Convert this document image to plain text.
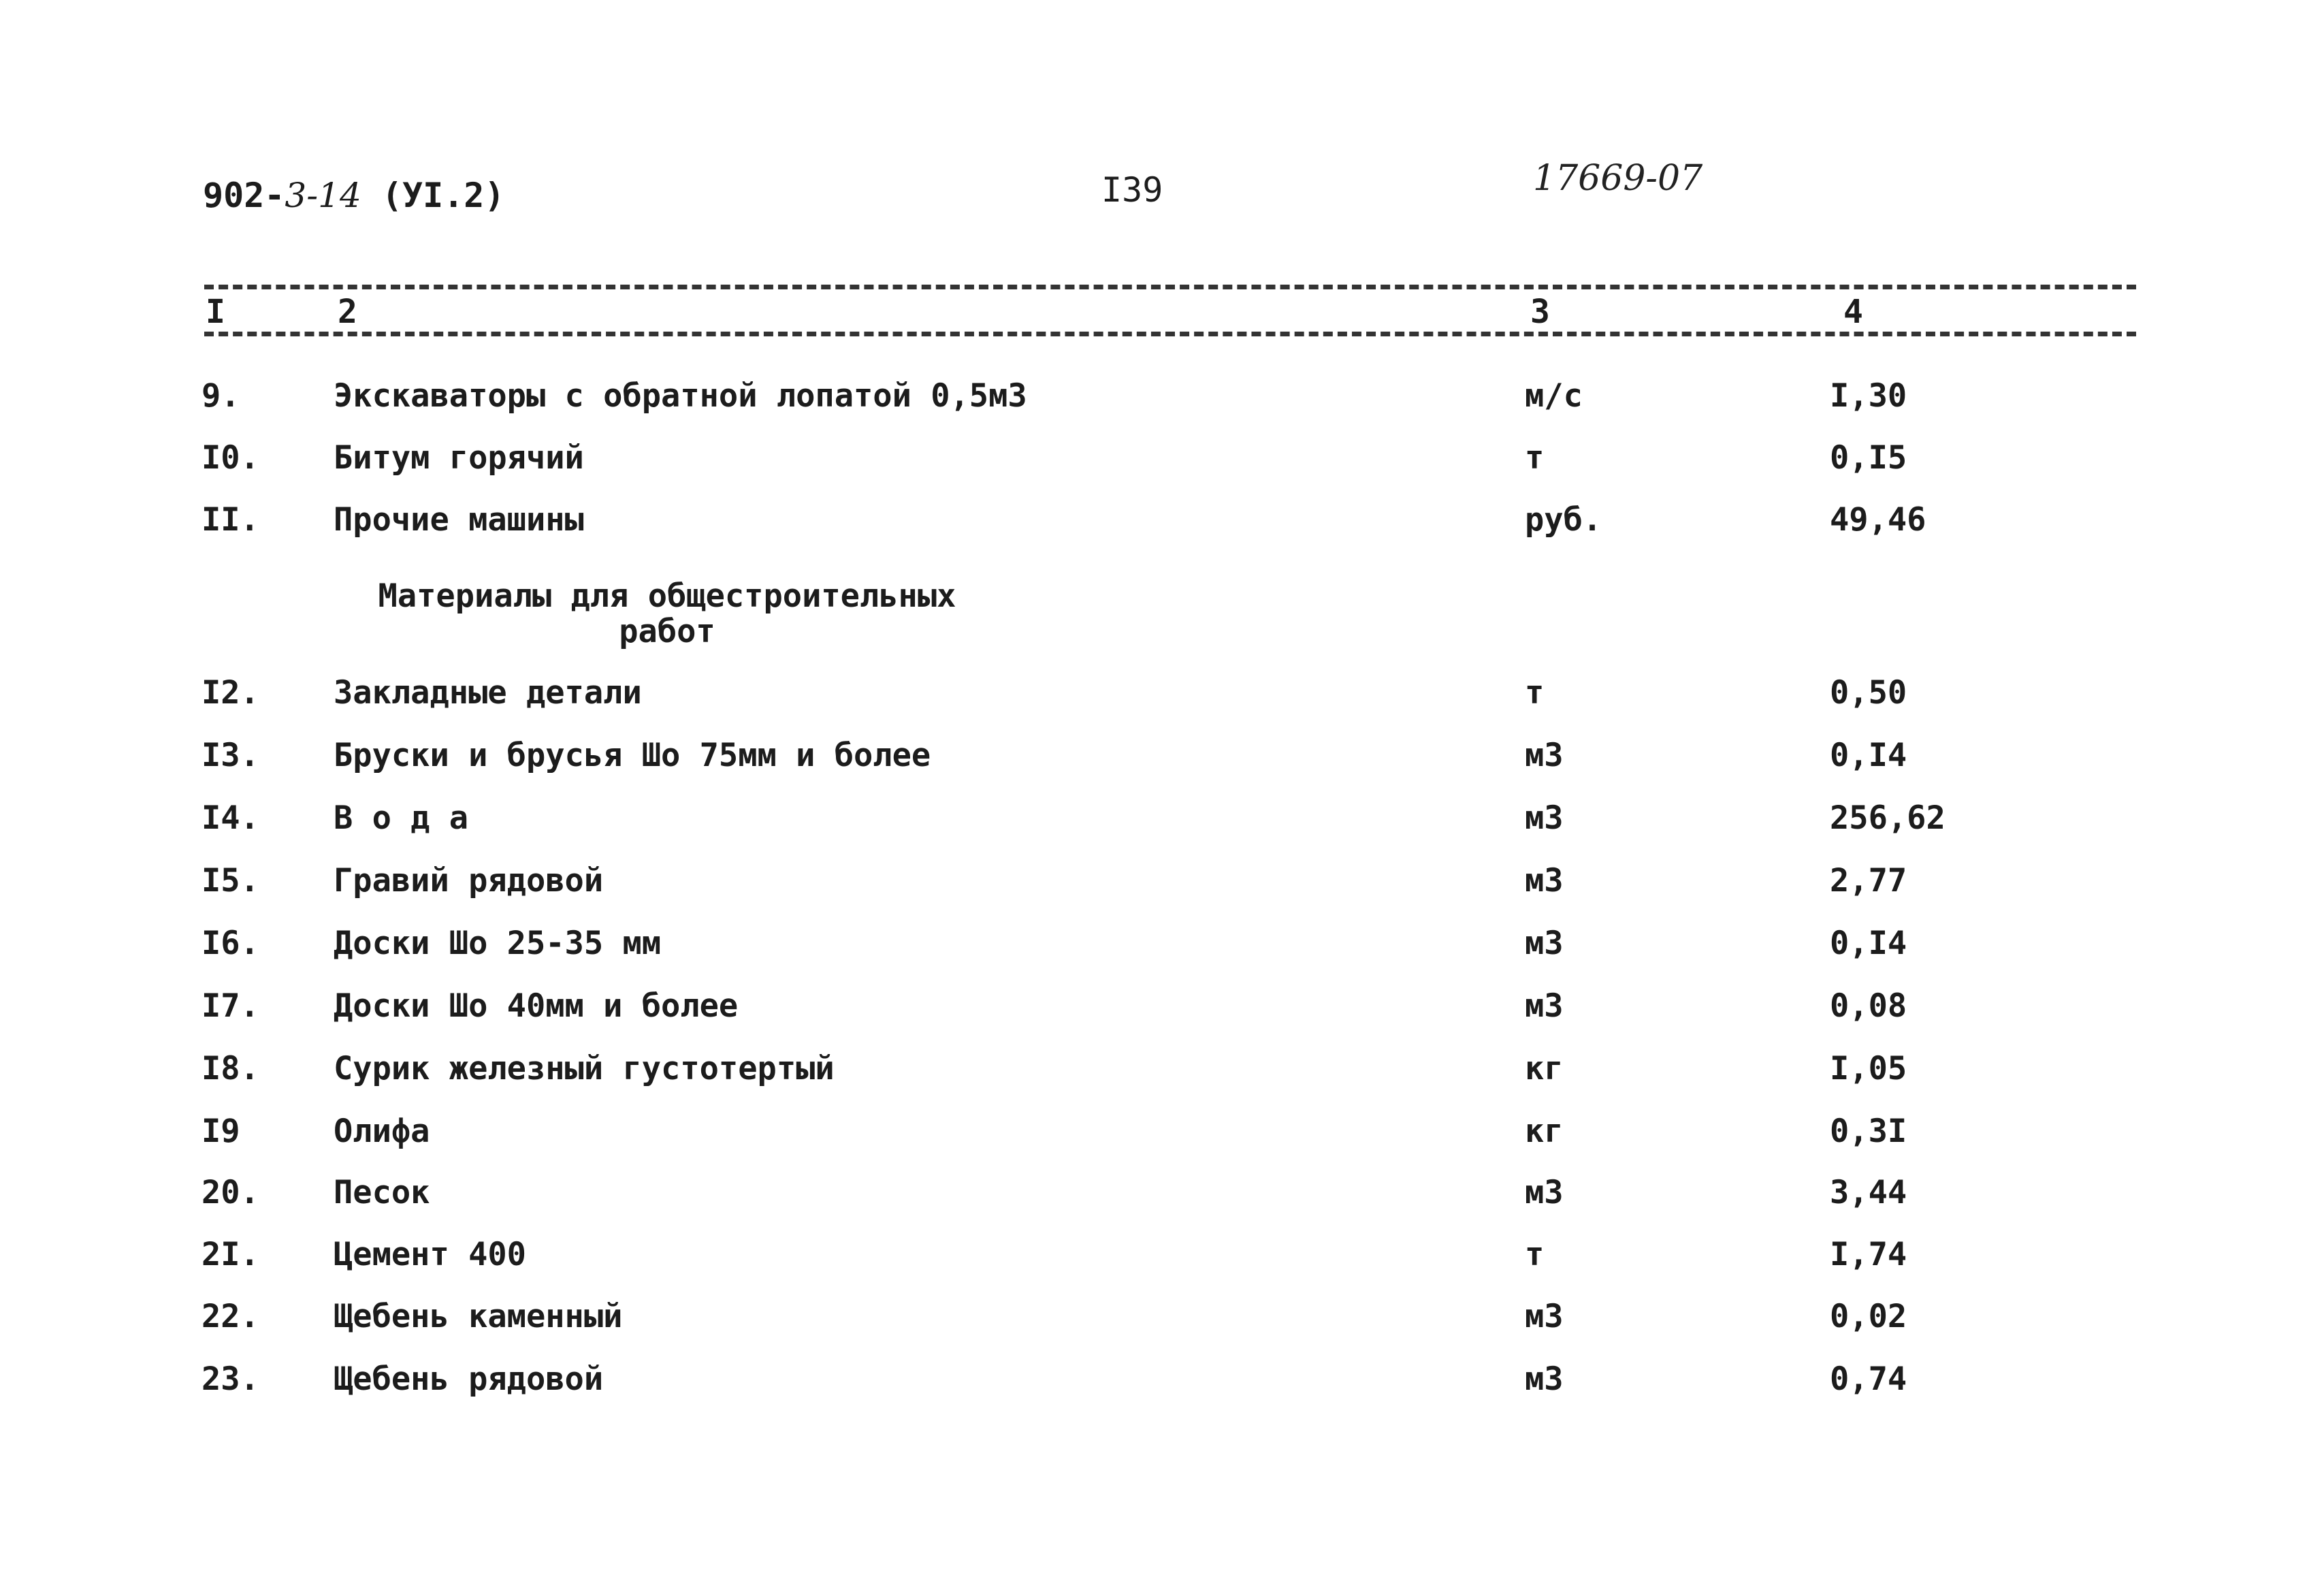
902-3-14 (УI.2)	I39	17669-07
I	2	3	4
9.	Экскаваторы с обратной лопатой 0,5м3	м/с	I,30
I0. Битум горячий	т	0,I5
II. Прочие машины	руб.	49,46
Материалы для общестроительных
работ
I2. Закладные детали	т	0,50
I3. Бруски и брусья Шо 75мм и более	м3	0,I4
I4. В о д а	м3	256,62
I5. Гравий рядовой	м3	2,77
I6. Доски Шо 25-35 мм	м3	0,I4
I7. Доски Шо 40мм и более	м3	0,08
I8. Сурик железный густотертый	кг	I,05
I9	Олифа	кг	0,3I
20. Песок	м3	3,44
2I. Цемент 400	т	I,74
22. Щебень каменный	м3	0,02
23. Щебень рядовой	м3	0,74
